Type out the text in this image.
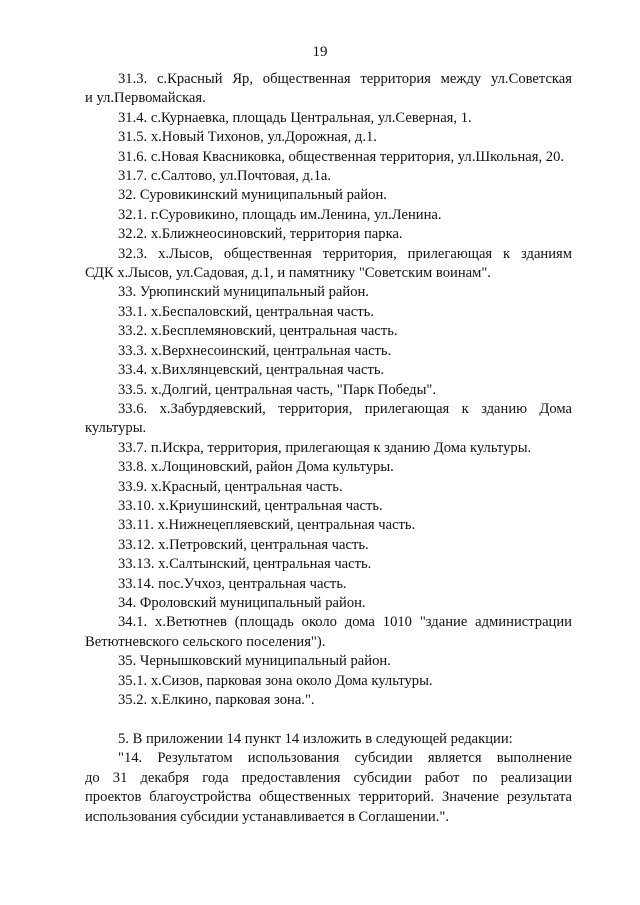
19
31.3. с.Красный Яр, общественная территория между ул.Советская
и ул.Первомайская.
31.4. с.Курнаевка, площадь Центральная, ул.Северная, 1.
31.5. х.Новый Тихонов, ул.Дорожная, д.1.
31.6. с.Новая Квасниковка, общественная территория, ул.Школьная, 20.
31.7. с.Салтово, ул.Почтовая, д.1а.
32. Суровикинский муниципальный район.
32.1. г.Суровикино, площадь им.Ленина, ул.Ленина.
32.2. х.Ближнеосиновский, территория парка.
32.3. х.Лысов, общественная территория, прилегающая к зданиям
СДК х.Лысов, ул.Садовая, д.1, и памятнику "Советским воинам".
33. Урюпинский муниципальный район.
33.1. х.Беспаловский, центральная часть.
33.2. х.Бесплемяновский, центральная часть.
33.3. х.Верхнесоинский, центральная часть.
33.4. х.Вихлянцевский, центральная часть.
33.5. х.Долгий, центральная часть, "Парк Победы".
33.6. х.Забурдяевский, территория, прилегающая к зданию Дома
культуры.
33.7. п.Искра, территория, прилегающая к зданию Дома культуры.
33.8. х.Лощиновский, район Дома культуры.
33.9. х.Красный, центральная часть.
33.10. х.Криушинский, центральная часть.
33.11. х.Нижнецепляевский, центральная часть.
33.12. х.Петровский, центральная часть.
33.13. х.Салтынский, центральная часть.
33.14. пос.Учхоз, центральная часть.
34. Фроловский муниципальный район.
34.1. х.Ветютнев (площадь около дома 1010 "здание администрации
Ветютневского сельского поселения").
35. Чернышковский муниципальный район.
35.1. х.Сизов, парковая зона около Дома культуры.
35.2. х.Елкино, парковая зона.".
5. В приложении 14 пункт 14 изложить в следующей редакции:
"14. Результатом использования субсидии является выполнение
до 31 декабря года предоставления субсидии работ по реализации
проектов благоустройства общественных территорий. Значение результата
использования субсидии устанавливается в Соглашении.".
